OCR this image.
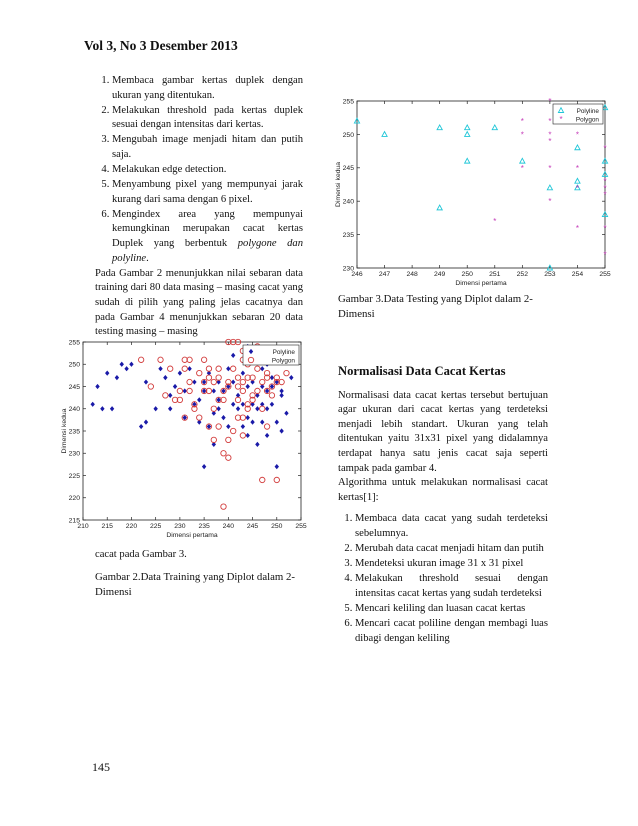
Vol 3, No 3 Desember 2013
1. Membaca gambar kertas duplek dengan ukuran yang ditentukan.
2. Melakukan threshold pada kertas duplek sesuai dengan intensitas dari kertas.
3. Mengubah image menjadi hitam dan putih saja.
4. Melakukan edge detection.
5. Menyambung pixel yang mempunyai jarak kurang dari sama dengan 6 pixel.
6. Mengindex area yang mempunyai kemungkinan merupakan cacat kertas Duplek yang berbentuk polygone dan polyline.

Pada Gambar 2 menunjukkan nilai sebaran data training dari 80 data masing – masing cacat yang sudah di pilih yang paling jelas cacatnya dan pada Gambar 4 menunjukkan sebaran 20 data testing masing – masing

210 215 220 225 230 235 240 245 250 255
215
220
225
230
235
240
245
250
255
Dimensi pertama
Dimensi kedua
Polyline
Polygon
cacat pada Gambar 3.
Gambar 2.Data Training yang Diplot dalam 2-Dimensi
246 247 248 249 250 251 252 253 254 255
230
235
240
245
250
255
Dimensi pertama
Dimensi kedua
*
*
*
*
*
*
*
*
*
*
*
*
*
*
*
*
*
*
*
*
Polyline
* Polygon
Gambar 3.Data Testing yang Diplot dalam 2-Dimensi
Normalisasi Data Cacat Kertas

Normalisasi data cacat kertas tersebut bertujuan agar ukuran dari cacat kertas yang terdeteksi menjadi lebih standart. Ukuran yang telah ditentukan yaitu 31x31 pixel yang didalamnya terdapat hanya satu jenis cacat saja seperti tampak pada gambar 4.

Algorithma untuk melakukan normalisasi cacat kertas[1]:

1. Membaca data cacat yang sudah terdeteksi sebelumnya.
2. Merubah data cacat menjadi hitam dan putih
3. Mendeteksi ukuran image 31 x 31 pixel
4. Melakukan threshold sesuai dengan intensitas cacat kertas yang sudah terdeteksi
5. Mencari keliling dan luasan cacat kertas
6. Mencari cacat poliline dengan membagi luas dibagi dengan keliling
145
